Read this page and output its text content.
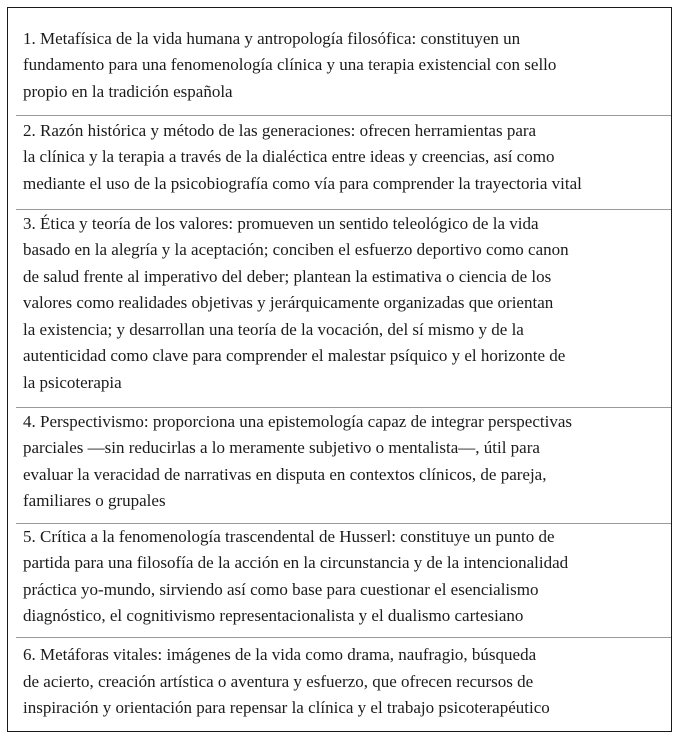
1. Metafísica de la vida humana y antropología filosófica: constituyen un
fundamento para una fenomenología clínica y una terapia existencial con sello
propio en la tradición española
2. Razón histórica y método de las generaciones: ofrecen herramientas para
la clínica y la terapia a través de la dialéctica entre ideas y creencias, así como
mediante el uso de la psicobiografía como vía para comprender la trayectoria vital
3. Ética y teoría de los valores: promueven un sentido teleológico de la vida
basado en la alegría y la aceptación; conciben el esfuerzo deportivo como canon
de salud frente al imperativo del deber; plantean la estimativa o ciencia de los
valores como realidades objetivas y jerárquicamente organizadas que orientan
la existencia; y desarrollan una teoría de la vocación, del sí mismo y de la
autenticidad como clave para comprender el malestar psíquico y el horizonte de
la psicoterapia
4. Perspectivismo: proporciona una epistemología capaz de integrar perspectivas
parciales —sin reducirlas a lo meramente subjetivo o mentalista—, útil para
evaluar la veracidad de narrativas en disputa en contextos clínicos, de pareja,
familiares o grupales
5. Crítica a la fenomenología trascendental de Husserl: constituye un punto de
partida para una filosofía de la acción en la circunstancia y de la intencionalidad
práctica yo-mundo, sirviendo así como base para cuestionar el esencialismo
diagnóstico, el cognitivismo representacionalista y el dualismo cartesiano
6. Metáforas vitales: imágenes de la vida como drama, naufragio, búsqueda
de acierto, creación artística o aventura y esfuerzo, que ofrecen recursos de
inspiración y orientación para repensar la clínica y el trabajo psicoterapéutico
